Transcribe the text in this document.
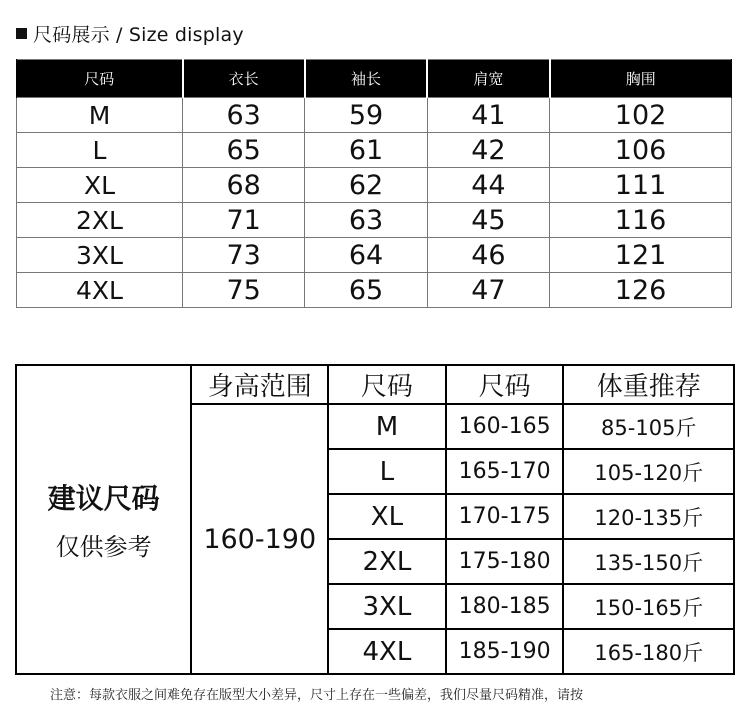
尺码展示 / Size display
尺码	衣长	袖长	肩宽	胸围
M	63	59	41	102
L	65	61	42	106
XL	68	62	44	111
2XL	71	63	45	116
3XL	73	64	46	121
4XL	75	65	47	126
建议尺码
仅供参考	身高范围	尺码	尺码	体重推荐
	160-190	M	160-165	85-105斤
		L	165-170	105-120斤
		XL	170-175	120-135斤
		2XL	175-180	135-150斤
		3XL	180-185	150-165斤
		4XL	185-190	165-180斤
注意：每款衣服之间难免存在版型大小差异，尺寸上存在一些偏差，我们尽量尺码精准，请按
